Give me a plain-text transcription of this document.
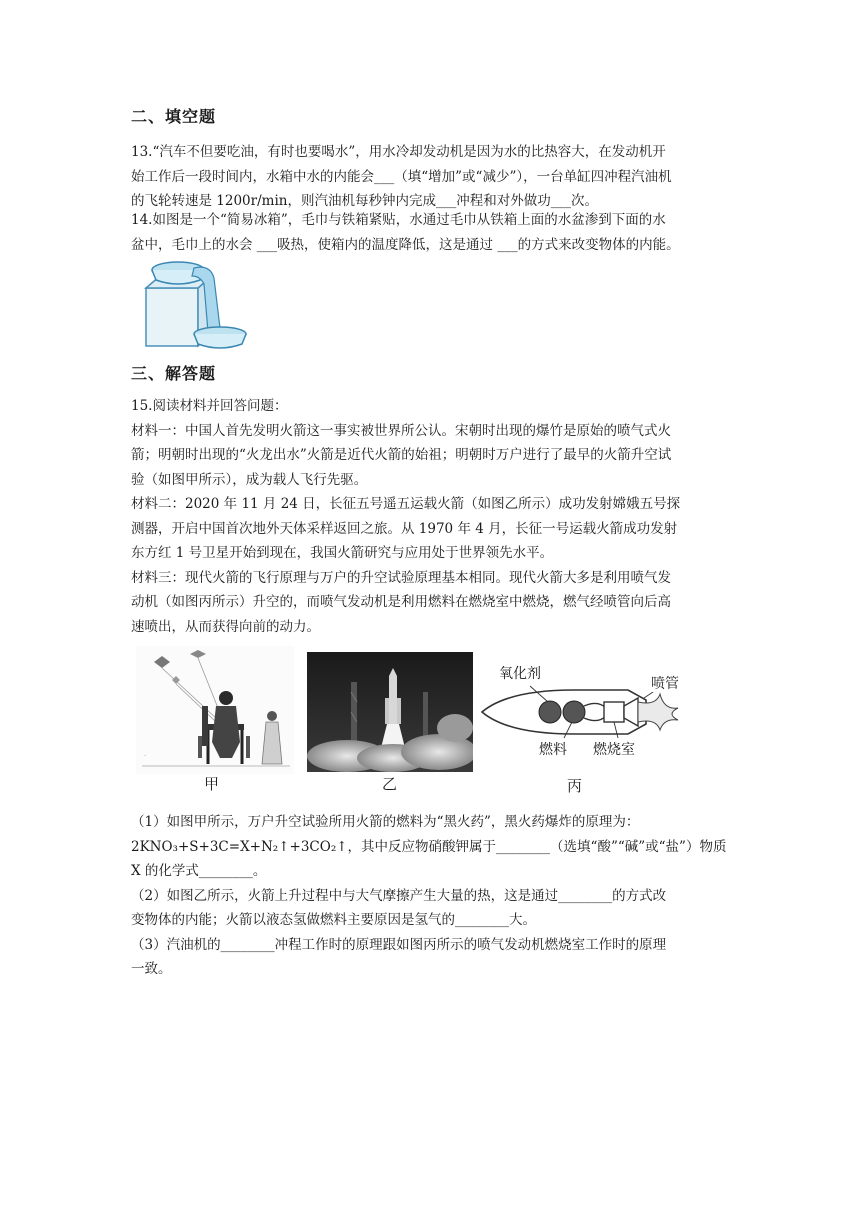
二、填空题
13.“汽车不但要吃油，有时也要喝水”，用水冷却发动机是因为水的比热容大，在发动机开
始工作后一段时间内，水箱中水的内能会___（填“增加”或“减少”），一台单缸四冲程汽油机
的飞轮转速是 1200r/min，则汽油机每秒钟内完成___冲程和对外做功___次。
14.如图是一个“简易冰箱”，毛巾与铁箱紧贴，水通过毛巾从铁箱上面的水盆渗到下面的水
盆中，毛巾上的水会 ___吸热，使箱内的温度降低，这是通过 ___的方式来改变物体的内能。
三、解答题
15.阅读材料并回答问题：
材料一：中国人首先发明火箭这一事实被世界所公认。宋朝时出现的爆竹是原始的喷气式火
箭；明朝时出现的“火龙出水”火箭是近代火箭的始祖；明朝时万户进行了最早的火箭升空试
验（如图甲所示），成为载人飞行先驱。
材料二：2020 年 11 月 24 日，长征五号遥五运载火箭（如图乙所示）成功发射嫦娥五号探
测器，开启中国首次地外天体采样返回之旅。从 1970 年 4 月，长征一号运载火箭成功发射
东方红 1 号卫星开始到现在，我国火箭研究与应用处于世界领先水平。
材料三：现代火箭的飞行原理与万户的升空试验原理基本相同。现代火箭大多是利用喷气发
动机（如图丙所示）升空的，而喷气发动机是利用燃料在燃烧室中燃烧，燃气经喷管向后高
速喷出，从而获得向前的动力。
·
甲	乙
氧化剂
喷管
燃料 燃烧室
丙
（1）如图甲所示，万户升空试验所用火箭的燃料为“黑火药”，黑火药爆炸的原理为：
2KNO₃+S+3C=X+N₂↑+3CO₂↑，其中反应物硝酸钾属于________（选填“酸”“碱”或“盐”）物质
X 的化学式________。
（2）如图乙所示，火箭上升过程中与大气摩擦产生大量的热，这是通过________的方式改
变物体的内能；火箭以液态氢做燃料主要原因是氢气的________大。
（3）汽油机的________冲程工作时的原理跟如图丙所示的喷气发动机燃烧室工作时的原理
一致。
